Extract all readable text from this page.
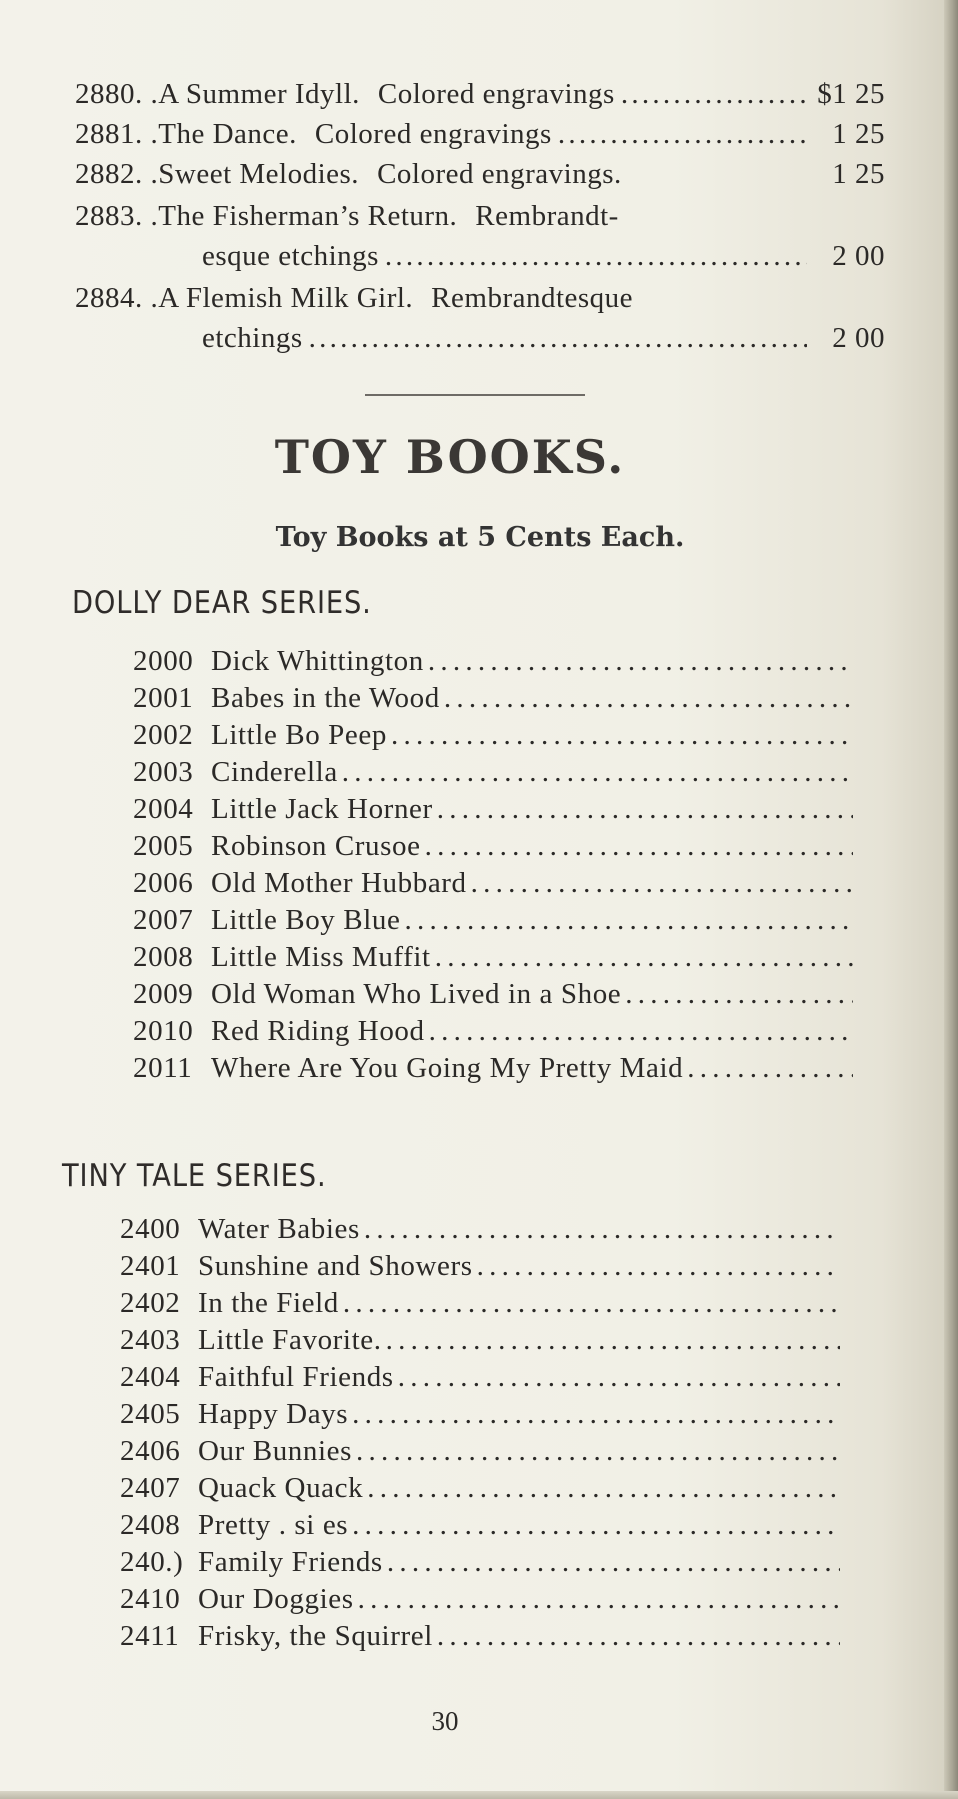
2880. . A Summer Idyll. Colored engravings . . .	$1 25
2881. . The Dance. Colored engravings . . .	1 25
2882. . Sweet Melodies. Colored engravings.	1 25
2883. . The Fisherman’s Return. Rembrandt-
esque etchings . . .	2 00
2884. . A Flemish Milk Girl. Rembrandtesque
etchings . . .	2 00
TOY BOOKS.
Toy Books at 5 Cents Each.
DOLLY DEAR SERIES.
2000 Dick Whittington
. . .
2001 Babes in the Wood
. . .
2002 Little Bo Peep
. . .
2003 Cinderella
. . .
2004 Little Jack Horner
. . .
2005 Robinson Crusoe
. . .
2006 Old Mother Hubbard
. . .
2007 Little Boy Blue
. . .
2008 Little Miss Muffit
. . .
2009 Old Woman Who Lived in a Shoe
. . .
2010 Red Riding Hood
. . .
2011 Where Are You Going My Pretty Maid
. . .
TINY TALE SERIES.
2400 Water Babies
. . .
2401 Sunshine and Showers
. . .
2402 In the Field
. . .
2403 Little Favorite.
. . .
2404 Faithful Friends
. . .
2405 Happy Days
. . .
2406 Our Bunnies
. . .
2407 Quack Quack
. . .
2408 Pretty . si es
. . .
240.) Family Friends
. . .
2410 Our Doggies
. . .
2411 Frisky, the Squirrel
. . .
30
